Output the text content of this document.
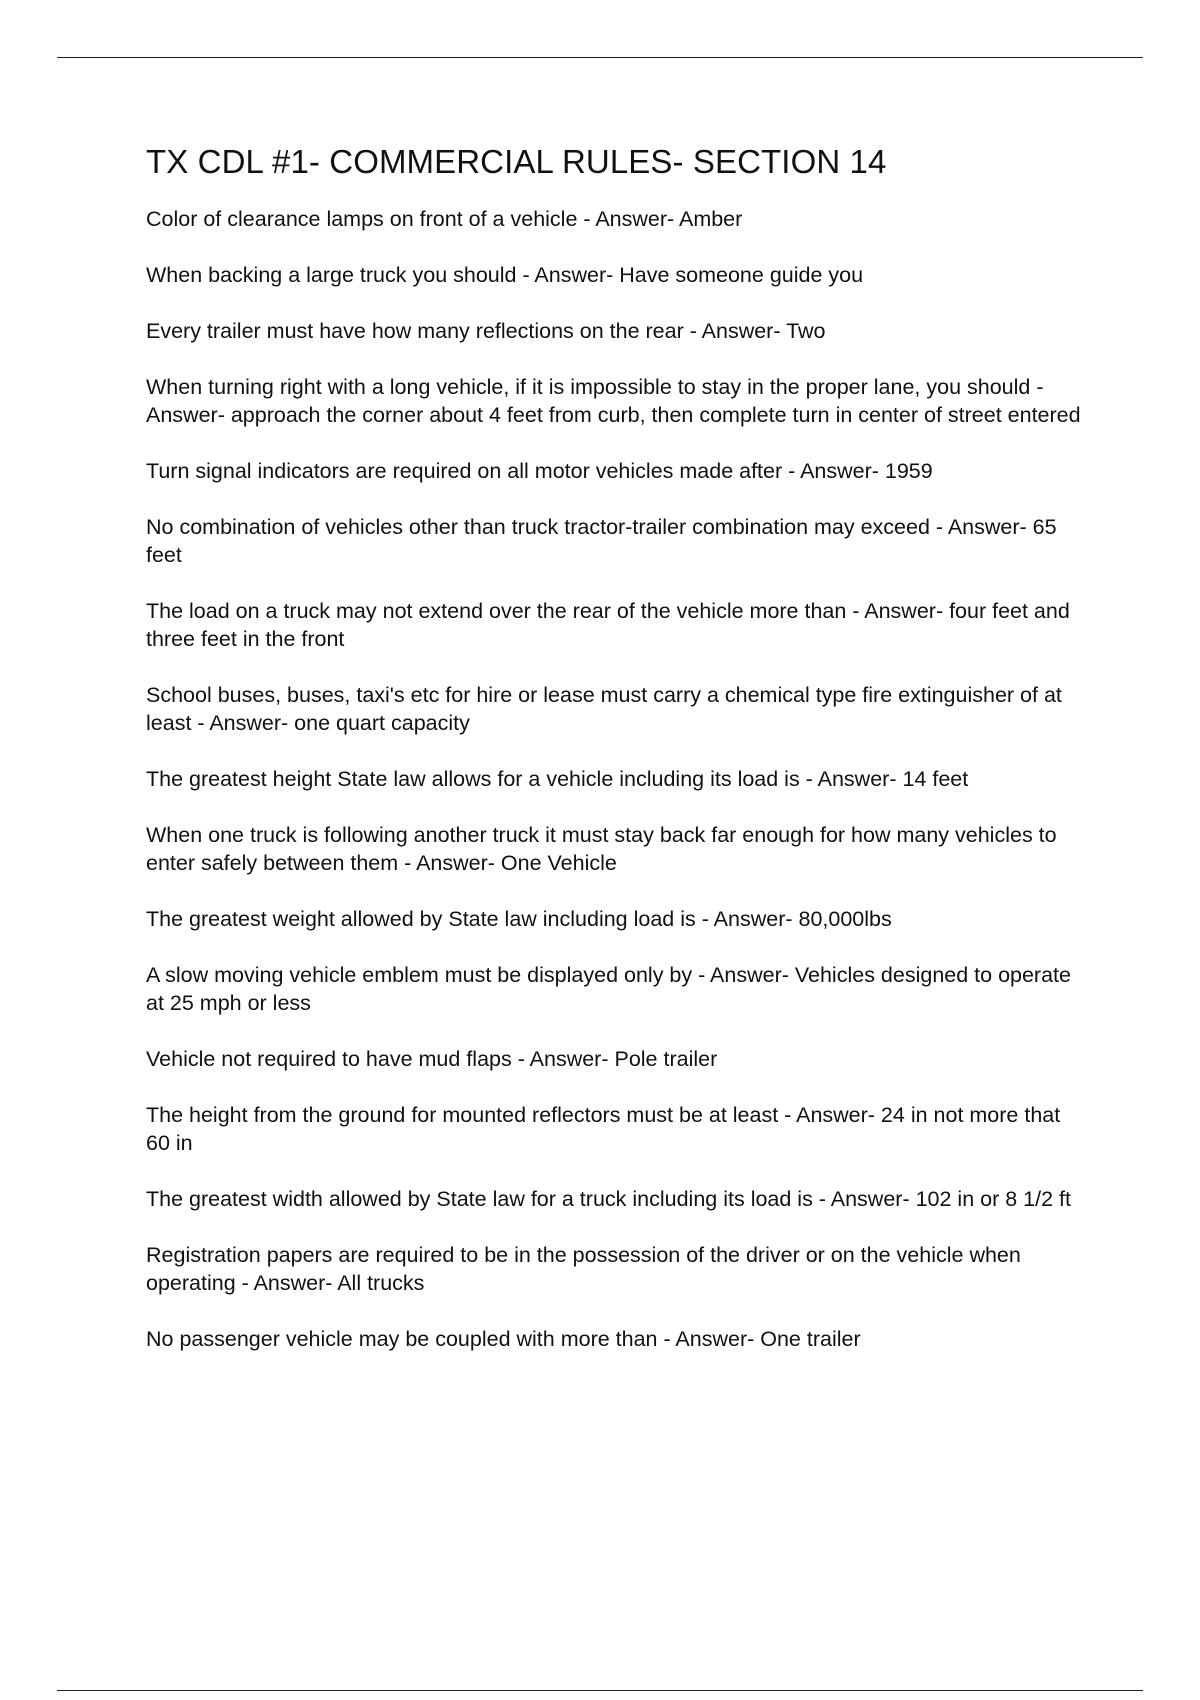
TX CDL #1- COMMERCIAL RULES- SECTION 14
Color of clearance lamps on front of a vehicle - Answer- Amber
When backing a large truck you should - Answer- Have someone guide you
Every trailer must have how many reflections on the rear - Answer- Two
When turning right with a long vehicle, if it is impossible to stay in the proper lane, you should - Answer- approach the corner about 4 feet from curb, then complete turn in center of street entered
Turn signal indicators are required on all motor vehicles made after - Answer- 1959
No combination of vehicles other than truck tractor-trailer combination may exceed - Answer- 65 feet
The load on a truck may not extend over the rear of the vehicle more than - Answer- four feet and three feet in the front
School buses, buses, taxi's etc for hire or lease must carry a chemical type fire extinguisher of at least - Answer- one quart capacity
The greatest height State law allows for a vehicle including its load is - Answer- 14 feet
When one truck is following another truck it must stay back far enough for how many vehicles to enter safely between them - Answer- One Vehicle
The greatest weight allowed by State law including load is - Answer- 80,000lbs
A slow moving vehicle emblem must be displayed only by - Answer- Vehicles designed to operate at 25 mph or less
Vehicle not required to have mud flaps - Answer- Pole trailer
The height from the ground for mounted reflectors must be at least - Answer- 24 in not more that 60 in
The greatest width allowed by State law for a truck including its load is - Answer- 102 in or 8 1/2 ft
Registration papers are required to be in the possession of the driver or on the vehicle when operating - Answer- All trucks
No passenger vehicle may be coupled with more than - Answer- One trailer
